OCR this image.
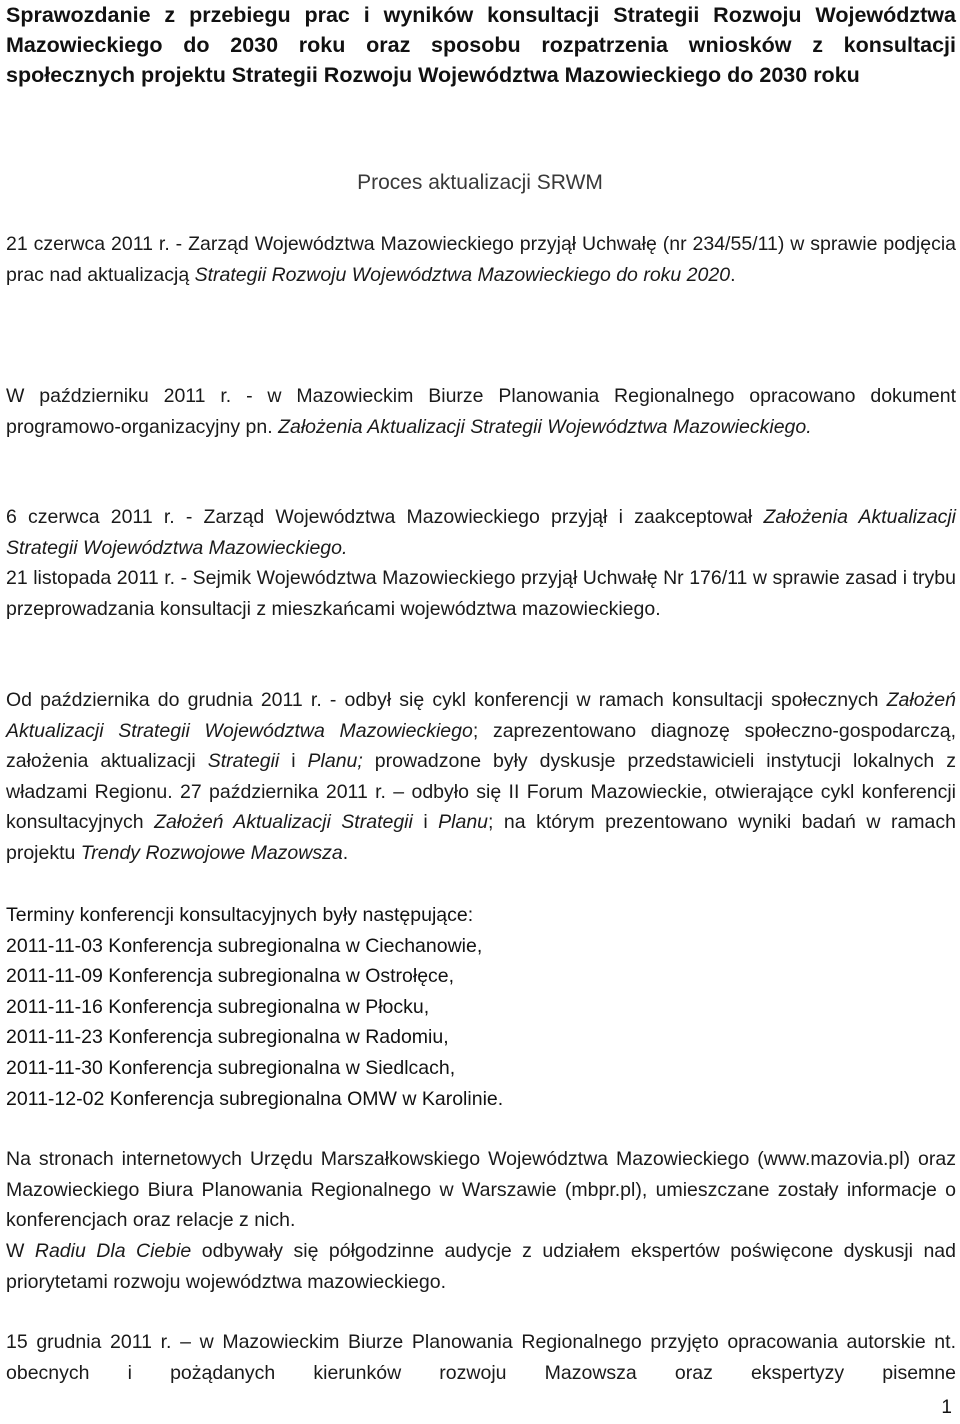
Sprawozdanie z przebiegu prac i wyników konsultacji Strategii Rozwoju Województwa Mazowieckiego do 2030 roku oraz sposobu rozpatrzenia wniosków z konsultacji społecznych projektu Strategii Rozwoju Województwa Mazowieckiego do 2030 roku
Proces aktualizacji SRWM
21 czerwca 2011 r. - Zarząd Województwa Mazowieckiego przyjął Uchwałę (nr 234/55/11) w sprawie podjęcia prac nad aktualizacją Strategii Rozwoju Województwa Mazowieckiego do roku 2020.
W październiku 2011 r. - w Mazowieckim Biurze Planowania Regionalnego opracowano dokument programowo-organizacyjny pn. Założenia Aktualizacji Strategii Województwa Mazowieckiego.
6 czerwca 2011 r. - Zarząd Województwa Mazowieckiego przyjął i zaakceptował Założenia Aktualizacji Strategii Województwa Mazowieckiego.
21 listopada 2011 r. - Sejmik Województwa Mazowieckiego przyjął Uchwałę Nr 176/11 w sprawie zasad i trybu przeprowadzania konsultacji z mieszkańcami województwa mazowieckiego.
Od października do grudnia 2011 r. - odbył się cykl konferencji w ramach konsultacji społecznych Założeń Aktualizacji Strategii Województwa Mazowieckiego; zaprezentowano diagnozę społeczno-gospodarczą, założenia aktualizacji Strategii i Planu; prowadzone były dyskusje przedstawicieli instytucji lokalnych z władzami Regionu. 27 października 2011 r. – odbyło się II Forum Mazowieckie, otwierające cykl konferencji konsultacyjnych Założeń Aktualizacji Strategii i Planu; na którym prezentowano wyniki badań w ramach projektu Trendy Rozwojowe Mazowsza.
Terminy konferencji konsultacyjnych były następujące:
2011-11-03 Konferencja subregionalna w Ciechanowie,
2011-11-09 Konferencja subregionalna w Ostrołęce,
2011-11-16 Konferencja subregionalna w Płocku,
2011-11-23 Konferencja subregionalna w Radomiu,
2011-11-30 Konferencja subregionalna w Siedlcach,
2011-12-02 Konferencja subregionalna OMW w Karolinie.
Na stronach internetowych Urzędu Marszałkowskiego Województwa Mazowieckiego (www.mazovia.pl) oraz Mazowieckiego Biura Planowania Regionalnego w Warszawie (mbpr.pl), umieszczane zostały informacje o konferencjach oraz relacje z nich.
W Radiu Dla Ciebie odbywały się półgodzinne audycje z udziałem ekspertów poświęcone dyskusji nad priorytetami rozwoju województwa mazowieckiego.
15 grudnia 2011 r. – w Mazowieckim Biurze Planowania Regionalnego przyjęto opracowania autorskie nt. obecnych i pożądanych kierunków rozwoju Mazowsza oraz ekspertyzy pisemne
1
